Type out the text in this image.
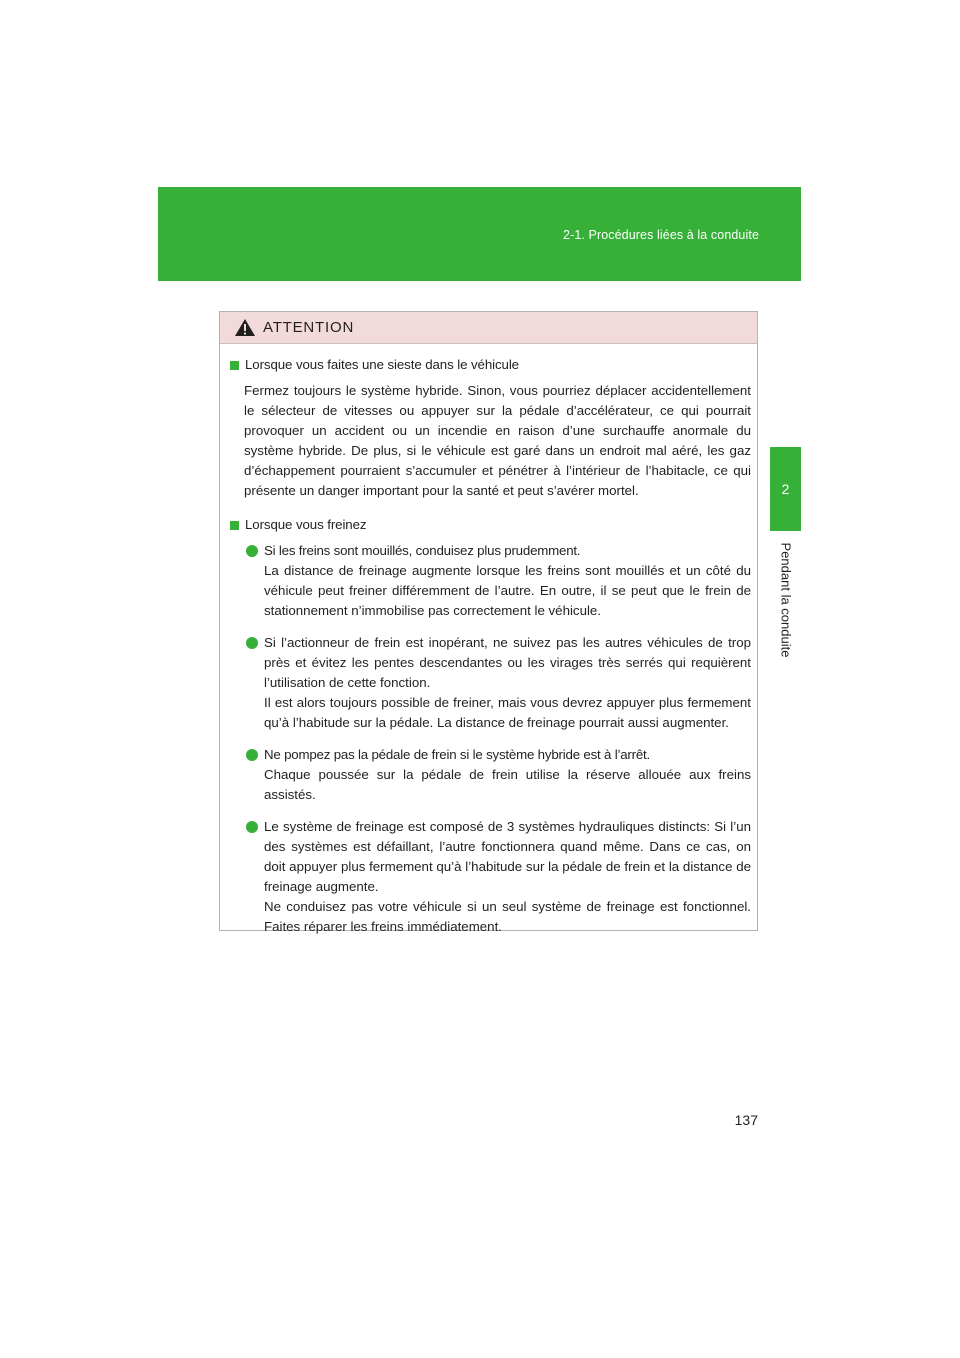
2-1. Procédures liées à la conduite
2
Pendant la conduite
ATTENTION
Lorsque vous faites une sieste dans le véhicule

Fermez toujours le système hybride. Sinon, vous pourriez déplacer accidentellement le sélecteur de vitesses ou appuyer sur la pédale d’accélérateur, ce qui pourrait provoquer un accident ou un incendie en raison d’une surchauffe anormale du système hybride. De plus, si le véhicule est garé dans un endroit mal aéré, les gaz d’échappement pourraient s’accumuler et pénétrer à l’intérieur de l’habitacle, ce qui présente un danger important pour la santé et peut s’avérer mortel.

Lorsque vous freinez

Si les freins sont mouillés, conduisez plus prudemment.

La distance de freinage augmente lorsque les freins sont mouillés et un côté du véhicule peut freiner différemment de l’autre. En outre, il se peut que le frein de stationnement n’immobilise pas correctement le véhicule.

Si l’actionneur de frein est inopérant, ne suivez pas les autres véhicules de trop près et évitez les pentes descendantes ou les virages très serrés qui requièrent l’utilisation de cette fonction.

Il est alors toujours possible de freiner, mais vous devrez appuyer plus fermement qu’à l’habitude sur la pédale. La distance de freinage pourrait aussi augmenter.

Ne pompez pas la pédale de frein si le système hybride est à l’arrêt.

Chaque poussée sur la pédale de frein utilise la réserve allouée aux freins assistés.

Le système de freinage est composé de 3 systèmes hydrauliques distincts: Si l’un des systèmes est défaillant, l’autre fonctionnera quand même. Dans ce cas, on doit appuyer plus fermement qu’à l’habitude sur la pédale de frein et la distance de freinage augmente.

Ne conduisez pas votre véhicule si un seul système de freinage est fonctionnel. Faites réparer les freins immédiatement.

137
